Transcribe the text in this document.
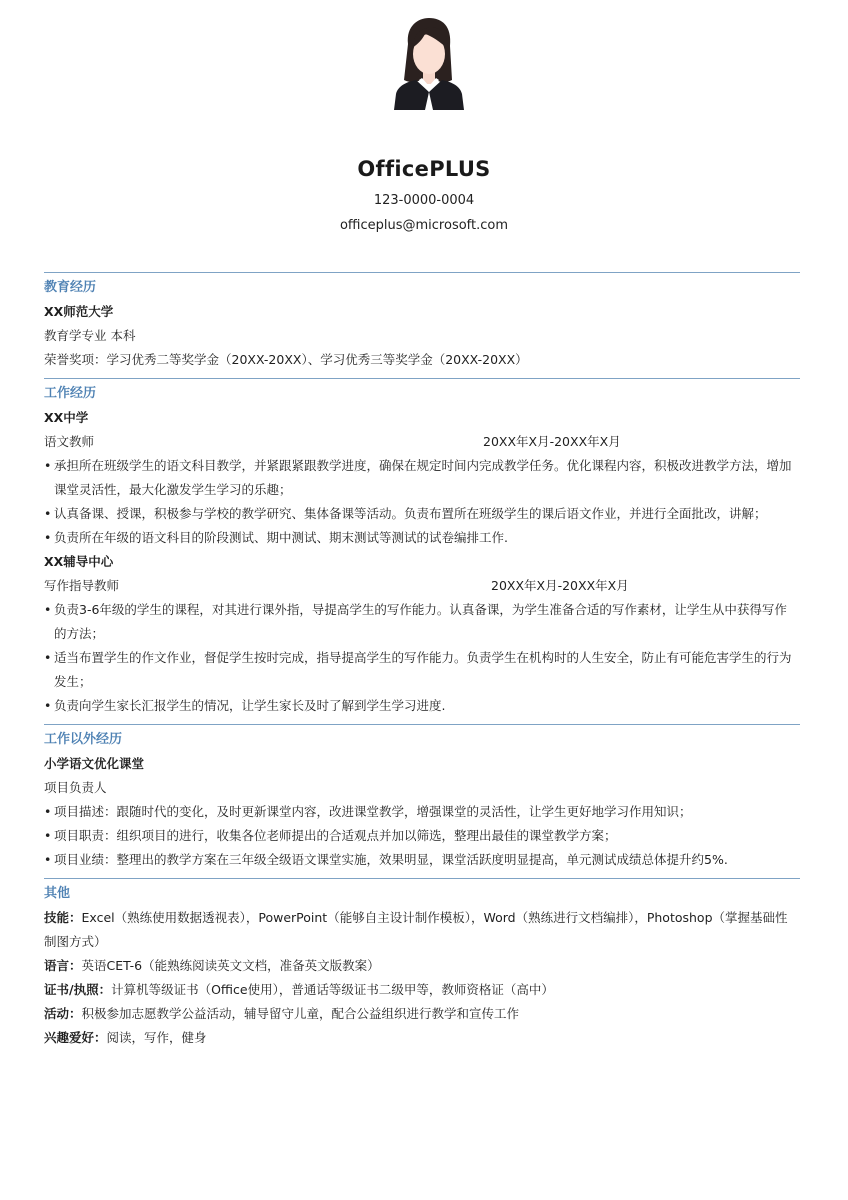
OfficePLUS
123-0000-0004
officeplus@microsoft.com
教育经历
XX师范大学
教育学专业 本科
荣誉奖项：学习优秀二等奖学金（20XX-20XX）、学习优秀三等奖学金（20XX-20XX）
工作经历
XX中学
语文教师	20XX年X月-20XX年X月
• 承担所在班级学生的语文科目教学，并紧跟紧跟教学进度，确保在规定时间内完成教学任务。优化课程内容，积极改进教学方法，增加课堂灵活性，最大化激发学生学习的乐趣；
• 认真备课、授课，积极参与学校的教学研究、集体备课等活动。负责布置所在班级学生的课后语文作业，并进行全面批改，讲解；
• 负责所在年级的语文科目的阶段测试、期中测试、期末测试等测试的试卷编排工作.
XX辅导中心
写作指导教师	20XX年X月-20XX年X月
• 负责3-6年级的学生的课程，对其进行课外指，导提高学生的写作能力。认真备课，为学生准备合适的写作素材，让学生从中获得写作的方法；
• 适当布置学生的作文作业，督促学生按时完成，指导提高学生的写作能力。负责学生在机构时的人生安全，防止有可能危害学生的行为发生；
• 负责向学生家长汇报学生的情况，让学生家长及时了解到学生学习进度.
工作以外经历
小学语文优化课堂
项目负责人
• 项目描述：跟随时代的变化，及时更新课堂内容，改进课堂教学，增强课堂的灵活性，让学生更好地学习作用知识；
• 项目职责：组织项目的进行，收集各位老师提出的合适观点并加以筛选，整理出最佳的课堂教学方案；
• 项目业绩：整理出的教学方案在三年级全级语文课堂实施，效果明显，课堂活跃度明显提高，单元测试成绩总体提升约5%.
其他
技能：Excel（熟练使用数据透视表），PowerPoint（能够自主设计制作模板），Word（熟练进行文档编排），Photoshop（掌握基础性制图方式）
语言：英语CET-6（能熟练阅读英文文档，准备英文版教案）
证书/执照：计算机等级证书（Office使用），普通话等级证书二级甲等，教师资格证（高中）
活动：积极参加志愿教学公益活动，辅导留守儿童，配合公益组织进行教学和宣传工作
兴趣爱好：阅读，写作，健身
